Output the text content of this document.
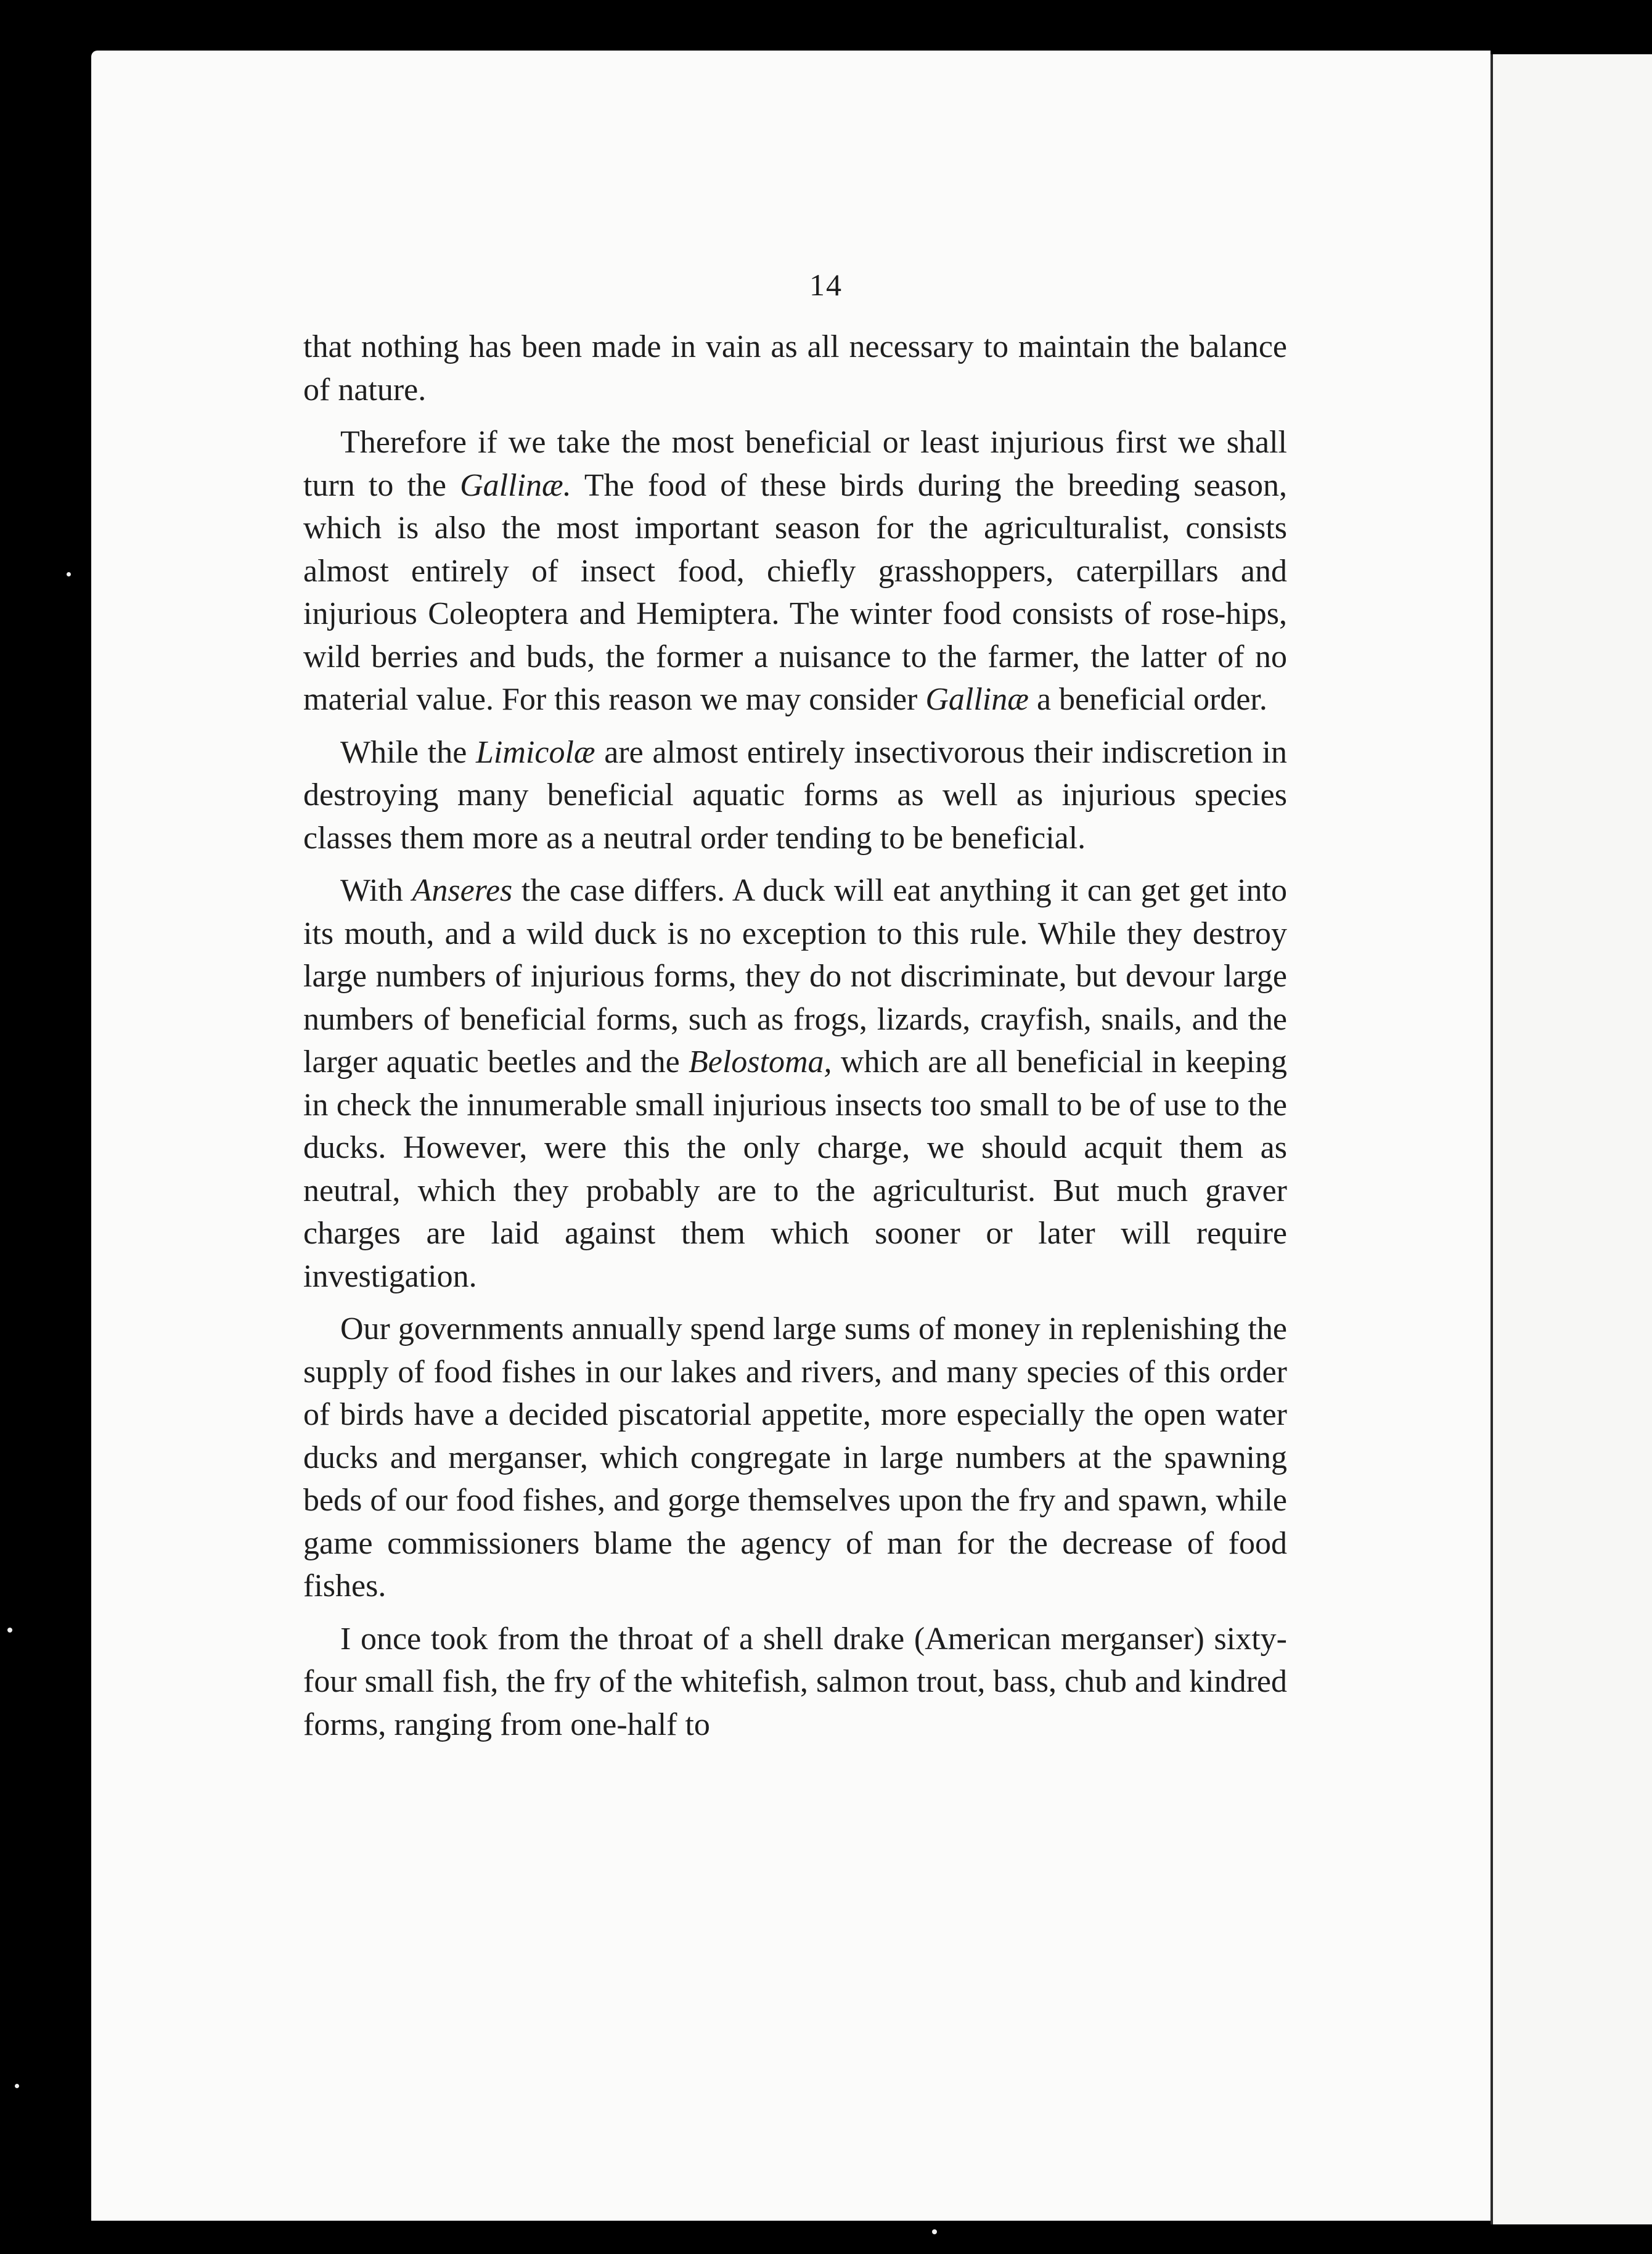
14

that nothing has been made in vain as all necessary to maintain the balance of nature.

Therefore if we take the most beneficial or least injurious first we shall turn to the Gallinæ. The food of these birds during the breeding season, which is also the most important season for the agriculturalist, consists almost entirely of insect food, chiefly grasshoppers, caterpillars and injurious Coleoptera and Hemiptera. The winter food consists of rose-hips, wild berries and buds, the former a nuisance to the farmer, the latter of no material value. For this reason we may consider Gallinæ a beneficial order.

While the Limicolæ are almost entirely insectivorous their indiscretion in destroying many beneficial aquatic forms as well as injurious species classes them more as a neutral order tending to be beneficial.

With Anseres the case differs. A duck will eat anything it can get get into its mouth, and a wild duck is no exception to this rule. While they destroy large numbers of injurious forms, they do not discriminate, but devour large numbers of beneficial forms, such as frogs, lizards, crayfish, snails, and the larger aquatic beetles and the Belostoma, which are all beneficial in keeping in check the innumerable small injurious insects too small to be of use to the ducks. However, were this the only charge, we should acquit them as neutral, which they probably are to the agriculturist. But much graver charges are laid against them which sooner or later will require investigation.

Our governments annually spend large sums of money in replenishing the supply of food fishes in our lakes and rivers, and many species of this order of birds have a decided piscatorial appetite, more especially the open water ducks and merganser, which congregate in large numbers at the spawning beds of our food fishes, and gorge themselves upon the fry and spawn, while game commissioners blame the agency of man for the decrease of food fishes.

I once took from the throat of a shell drake (American merganser) sixty-four small fish, the fry of the whitefish, salmon trout, bass, chub and kindred forms, ranging from one-half to
